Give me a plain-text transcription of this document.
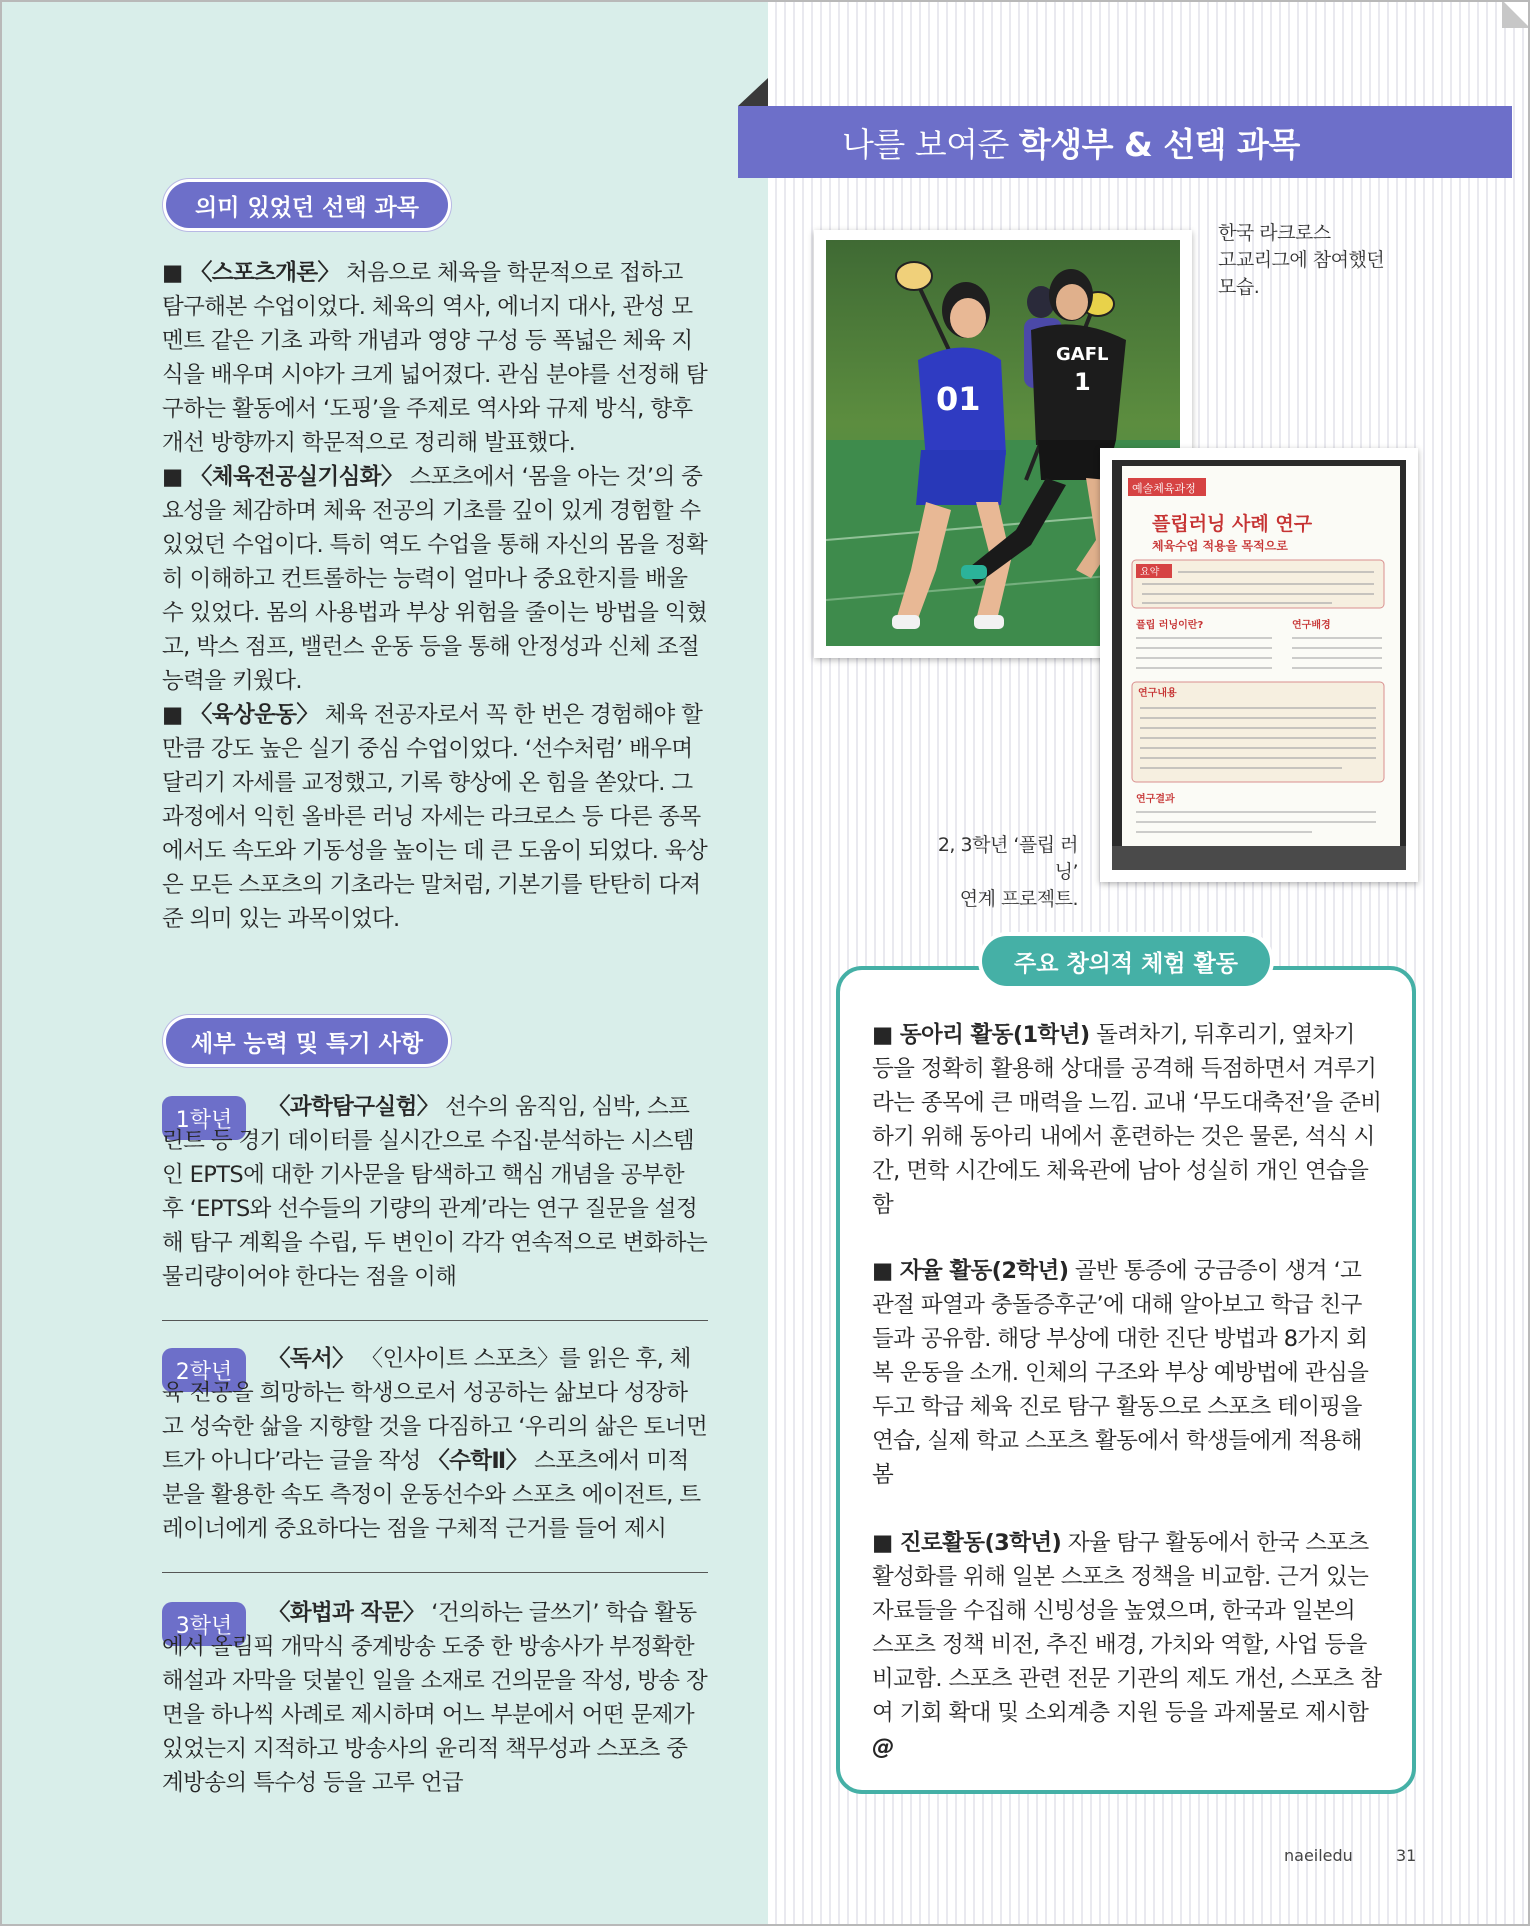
의미 있었던 선택 과목

■ 〈스포츠개론〉 처음으로 체육을 학문적으로 접하고 탐구해본 수업이었다. 체육의 역사, 에너지 대사, 관성 모멘트 같은 기초 과학 개념과 영양 구성 등 폭넓은 체육 지식을 배우며 시야가 크게 넓어졌다. 관심 분야를 선정해 탐구하는 활동에서 ‘도핑’을 주제로 역사와 규제 방식, 향후 개선 방향까지 학문적으로 정리해 발표했다.

■ 〈체육전공실기심화〉 스포츠에서 ‘몸을 아는 것’의 중요성을 체감하며 체육 전공의 기초를 깊이 있게 경험할 수 있었던 수업이다. 특히 역도 수업을 통해 자신의 몸을 정확히 이해하고 컨트롤하는 능력이 얼마나 중요한지를 배울 수 있었다. 몸의 사용법과 부상 위험을 줄이는 방법을 익혔고, 박스 점프, 밸런스 운동 등을 통해 안정성과 신체 조절 능력을 키웠다.

■ 〈육상운동〉 체육 전공자로서 꼭 한 번은 경험해야 할 만큼 강도 높은 실기 중심 수업이었다. ‘선수처럼’ 배우며 달리기 자세를 교정했고, 기록 향상에 온 힘을 쏟았다. 그 과정에서 익힌 올바른 러닝 자세는 라크로스 등 다른 종목에서도 속도와 기동성을 높이는 데 큰 도움이 되었다. 육상은 모든 스포츠의 기초라는 말처럼, 기본기를 탄탄히 다져준 의미 있는 과목이었다.

세부 능력 및 특기 사항
1학년	〈과학탐구실험〉 선수의 움직임, 심박, 스프린트 등 경기 데이터를 실시간으로 수집·분석하는 시스템인 EPTS에 대한 기사문을 탐색하고 핵심 개념을 공부한 후 ‘EPTS와 선수들의 기량의 관계’라는 연구 질문을 설정해 탐구 계획을 수립, 두 변인이 각각 연속적으로 변화하는 물리량이어야 한다는 점을 이해

2학년	〈독서〉 〈인사이트 스포츠〉를 읽은 후, 체육 전공을 희망하는 학생으로서 성공하는 삶보다 성장하고 성숙한 삶을 지향할 것을 다짐하고 ‘우리의 삶은 토너먼트가 아니다’라는 글을 작성 〈수학Ⅱ〉 스포츠에서 미적분을 활용한 속도 측정이 운동선수와 스포츠 에이전트, 트레이너에게 중요하다는 점을 구체적 근거를 들어 제시

3학년	〈화법과 작문〉 ‘건의하는 글쓰기’ 학습 활동에서 올림픽 개막식 중계방송 도중 한 방송사가 부정확한 해설과 자막을 덧붙인 일을 소재로 건의문을 작성, 방송 장면을 하나씩 사례로 제시하며 어느 부분에서 어떤 문제가 있었는지 지적하고 방송사의 윤리적 책무성과 스포츠 중계방송의 특수성 등을 고루 언급

나를 보여준 학생부 & 선택 과목
01
GAFL
1

한국 라크로스

고교리그에 참여했던

모습.

예술체육과정
플립러닝 사례 연구
체육수업 적용을 목적으로
요약
플립 러닝이란?	연구배경
연구내용
연구결과

2, 3학년 ‘플립 러닝’

연계 프로젝트.

주요 창의적 체험 활동

■ 동아리 활동(1학년) 돌려차기, 뒤후리기, 옆차기 등을 정확히 활용해 상대를 공격해 득점하면서 겨루기라는 종목에 큰 매력을 느낌. 교내 ‘무도대축전’을 준비하기 위해 동아리 내에서 훈련하는 것은 물론, 석식 시간, 면학 시간에도 체육관에 남아 성실히 개인 연습을 함

■ 자율 활동(2학년) 골반 통증에 궁금증이 생겨 ‘고관절 파열과 충돌증후군’에 대해 알아보고 학급 친구들과 공유함. 해당 부상에 대한 진단 방법과 8가지 회복 운동을 소개. 인체의 구조와 부상 예방법에 관심을 두고 학급 체육 진로 탐구 활동으로 스포츠 테이핑을 연습, 실제 학교 스포츠 활동에서 학생들에게 적용해봄

■ 진로활동(3학년) 자율 탐구 활동에서 한국 스포츠 활성화를 위해 일본 스포츠 정책을 비교함. 근거 있는 자료들을 수집해 신빙성을 높였으며, 한국과 일본의 스포츠 정책 비전, 추진 배경, 가치와 역할, 사업 등을 비교함. 스포츠 관련 전문 기관의 제도 개선, 스포츠 참여 기회 확대 및 소외계층 지원 등을 과제물로 제시함 @

naeiledu	31
